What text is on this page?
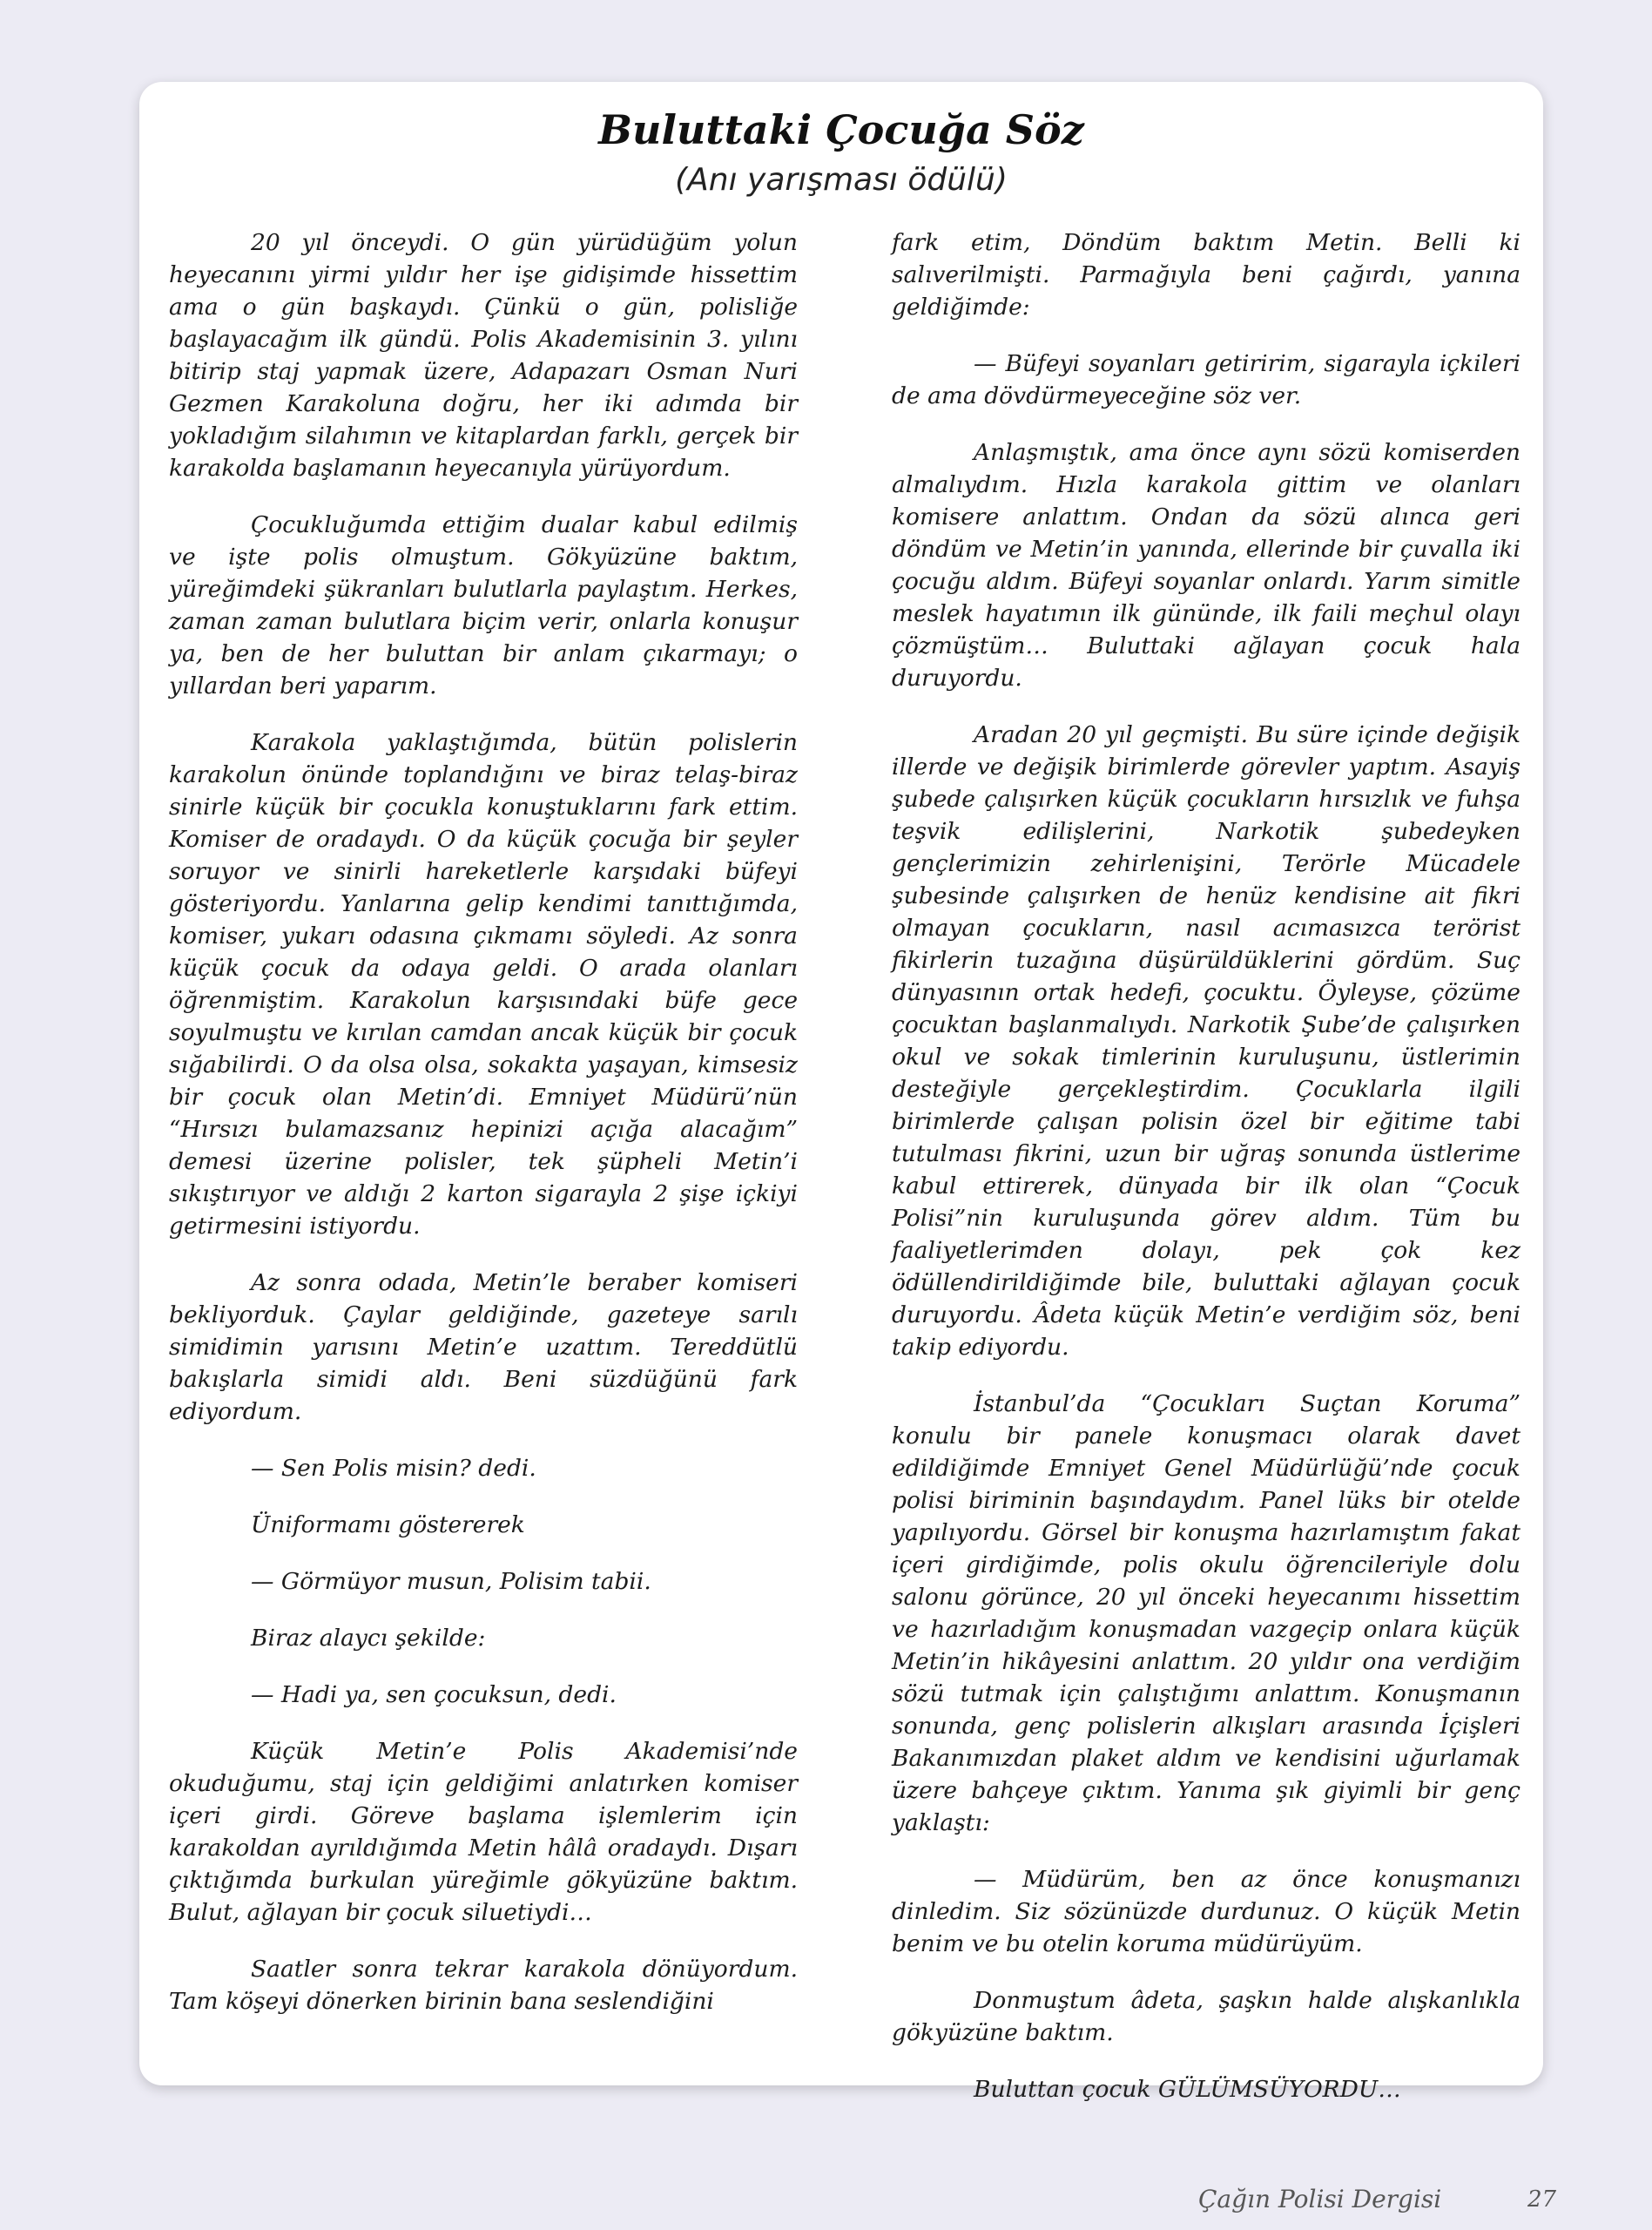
Buluttaki Çocuğa Söz
(Anı yarışması ödülü)

20 yıl önceydi. O gün yürüdüğüm yolun heyecanını yirmi yıldır her işe gidişimde hissettim ama o gün başkaydı. Çünkü o gün, polisliğe başlayacağım ilk gündü. Polis Akademisinin 3. yılını bitirip staj yapmak üzere, Adapazarı Osman Nuri Gezmen Karakoluna doğru, her iki adımda bir yokladığım silahımın ve kitaplardan farklı, gerçek bir karakolda başlamanın heyecanıyla yürüyordum.

Çocukluğumda ettiğim dualar kabul edilmiş ve işte polis olmuştum. Gökyüzüne baktım, yüreğimdeki şükranları bulutlarla paylaştım. Herkes, zaman zaman bulutlara biçim verir, onlarla konuşur ya, ben de her buluttan bir anlam çıkarmayı; o yıllardan beri yaparım.

Karakola yaklaştığımda, bütün polislerin karakolun önünde toplandığını ve biraz telaş-biraz sinirle küçük bir çocukla konuştuklarını fark ettim. Komiser de oradaydı. O da küçük çocuğa bir şeyler soruyor ve sinirli hareketlerle karşıdaki büfeyi gösteriyordu. Yanlarına gelip kendimi tanıttığımda, komiser, yukarı odasına çıkmamı söyledi. Az sonra küçük çocuk da odaya geldi. O arada olanları öğrenmiştim. Karakolun karşısındaki büfe gece soyulmuştu ve kırılan camdan ancak küçük bir çocuk sığabilirdi. O da olsa olsa, sokakta yaşayan, kimsesiz bir çocuk olan Metin’di. Emniyet Müdürü’nün “Hırsızı bulamazsanız hepinizi açığa alacağım” demesi üzerine polisler, tek şüpheli Metin’i sıkıştırıyor ve aldığı 2 karton sigarayla 2 şişe içkiyi getirmesini istiyordu.

Az sonra odada, Metin’le beraber komiseri bekliyorduk. Çaylar geldiğinde, gazeteye sarılı simidimin yarısını Metin’e uzattım. Tereddütlü bakışlarla simidi aldı. Beni süzdüğünü fark ediyordum.

— Sen Polis misin? dedi.

Üniformamı göstererek

— Görmüyor musun, Polisim tabii.

Biraz alaycı şekilde:

— Hadi ya, sen çocuksun, dedi.

Küçük Metin’e Polis Akademisi’nde okuduğumu, staj için geldiğimi anlatırken komiser içeri girdi. Göreve başlama işlemlerim için karakoldan ayrıldığımda Metin hâlâ oradaydı. Dışarı çıktığımda burkulan yüreğimle gökyüzüne baktım. Bulut, ağlayan bir çocuk siluetiydi…

Saatler sonra tekrar karakola dönüyordum. Tam köşeyi dönerken birinin bana seslendiğini

fark etim, Döndüm baktım Metin. Belli ki salıverilmişti. Parmağıyla beni çağırdı, yanına geldiğimde:

— Büfeyi soyanları getiririm, sigarayla içkileri de ama dövdürmeyeceğine söz ver.

Anlaşmıştık, ama önce aynı sözü komiserden almalıydım. Hızla karakola gittim ve olanları komisere anlattım. Ondan da sözü alınca geri döndüm ve Metin’in yanında, ellerinde bir çuvalla iki çocuğu aldım. Büfeyi soyanlar onlardı. Yarım simitle meslek hayatımın ilk gününde, ilk faili meçhul olayı çözmüştüm… Buluttaki ağlayan çocuk hala duruyordu.

Aradan 20 yıl geçmişti. Bu süre içinde değişik illerde ve değişik birimlerde görevler yaptım. Asayiş şubede çalışırken küçük çocukların hırsızlık ve fuhşa teşvik edilişlerini, Narkotik şubedeyken gençlerimizin zehirlenişini, Terörle Mücadele şubesinde çalışırken de henüz kendisine ait fikri olmayan çocukların, nasıl acımasızca terörist fikirlerin tuzağına düşürüldüklerini gördüm. Suç dünyasının ortak hedefi, çocuktu. Öyleyse, çözüme çocuktan başlanmalıydı. Narkotik Şube’de çalışırken okul ve sokak timlerinin kuruluşunu, üstlerimin desteğiyle gerçekleştirdim. Çocuklarla ilgili birimlerde çalışan polisin özel bir eğitime tabi tutulması fikrini, uzun bir uğraş sonunda üstlerime kabul ettirerek, dünyada bir ilk olan “Çocuk Polisi”nin kuruluşunda görev aldım. Tüm bu faaliyetlerimden dolayı, pek çok kez ödüllendirildiğimde bile, buluttaki ağlayan çocuk duruyordu. Âdeta küçük Metin’e verdiğim söz, beni takip ediyordu.

İstanbul’da “Çocukları Suçtan Koruma” konulu bir panele konuşmacı olarak davet edildiğimde Emniyet Genel Müdürlüğü’nde çocuk polisi biriminin başındaydım. Panel lüks bir otelde yapılıyordu. Görsel bir konuşma hazırlamıştım fakat içeri girdiğimde, polis okulu öğrencileriyle dolu salonu görünce, 20 yıl önceki heyecanımı hissettim ve hazırladığım konuşmadan vazgeçip onlara küçük Metin’in hikâyesini anlattım. 20 yıldır ona verdiğim sözü tutmak için çalıştığımı anlattım. Konuşmanın sonunda, genç polislerin alkışları arasında İçişleri Bakanımızdan plaket aldım ve kendisini uğurlamak üzere bahçeye çıktım. Yanıma şık giyimli bir genç yaklaştı:

— Müdürüm, ben az önce konuşmanızı dinledim. Siz sözünüzde durdunuz. O küçük Metin benim ve bu otelin koruma müdürüyüm.

Donmuştum âdeta, şaşkın halde alışkanlıkla gökyüzüne baktım.

Buluttan çocuk GÜLÜMSÜYORDU…

Çağın Polisi Dergisi	27
